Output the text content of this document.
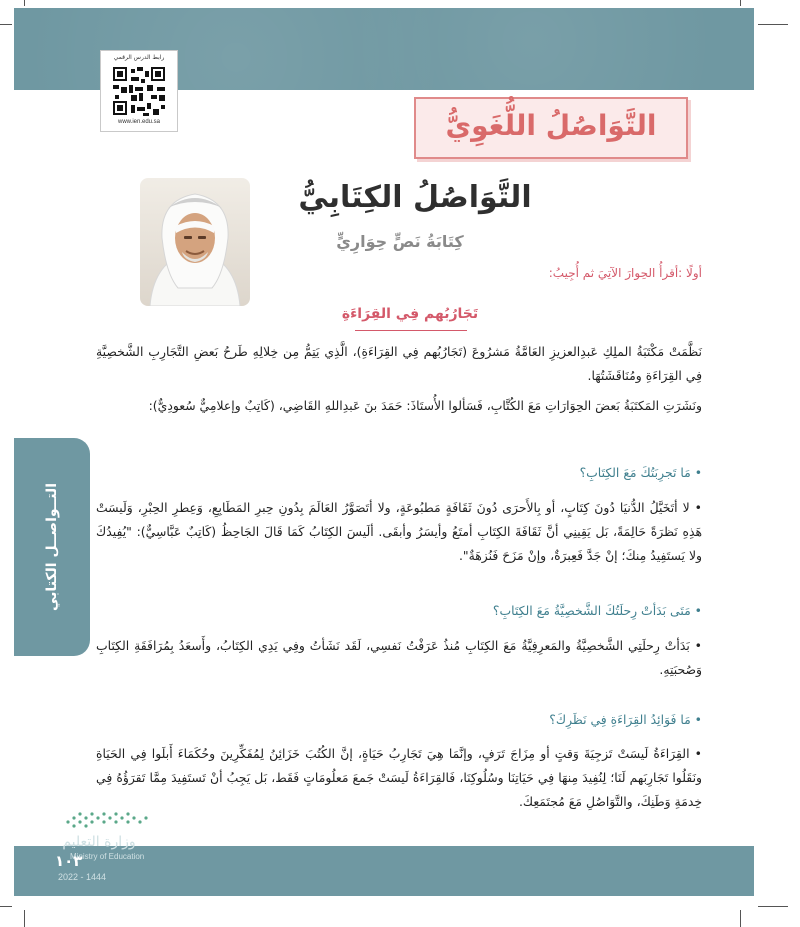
رابط الدرس الرقمي
www.ien.edu.sa	التَّوَاصُلُ اللُّغَوِيُّ
التَّوَاصُلُ الكِتَابِيُّ
كِتَابَةُ نَصٍّ حِوَارِيٍّ
أولًا :أقرأُ الحِوارَ الآتِيَ ثم أُجِيبُ:
تَجَارُبُهم فِي القِرَاءَةِ
نَظَّمَتْ مَكْتَبَةُ الملِكِ عَبدِالعزيزِ العَامَّةُ مَشرُوعَ (تَجَارُبُهم فِي القِرَاءَةِ)، الَّذِي يَتِمُّ مِن خِلالِهِ طَرحُ بَعضِ التَّجَارِبِ الشَّخصِيَّةِ فِي القِرَاءَةِ ومُنَاقَشَتُهَا.
ونَشَرَتِ المَكتَبَةُ بَعضَ الحِوَارَاتِ مَعَ الكُتَّابِ، فَسَألوا الأُستَاذَ: حَمَدَ بنَ عَبدِاللهِ القَاضِي، (كَاتِبٌ وإعلامِيٌّ سُعودِيٌّ):
• مَا تَجرِبَتُكَ مَعَ الكِتَابِ؟
• لا أتَخَيَّلُ الدُّنيَا دُونَ كِتَابٍ، أو بِالأَحرَى دُونَ ثَقَافَةٍ مَطبُوعَةٍ، ولا أتَصَوَّرُ العَالَمَ بِدُونِ حِبرِ المَطَابِعِ، وَعِطرِ الحِبْرِ، وَلَيسَتْ هَذِهِ نَظرَةً حَالِمَةً، بَل يَقِينِي أنَّ ثَقَافَةَ الكِتَابِ أمتَعُ وأيسَرُ وأبقَى. ألَيسَ الكِتَابُ كَمَا قَالَ الجَاحِظُ (كَاتِبٌ عَبَّاسِيٌّ): "يُفِيدُكَ ولا يَستَفِيدُ مِنكَ؛ إنْ جَدَّ فَعِبرَةٌ، وإنْ مَزَحَ فَنُزهَةٌ".
• مَتَى بَدَأتْ رِحلَتُكَ الشَّخصِيَّةُ مَعَ الكِتَابِ؟
• بَدَأتْ رِحلَتِي الشَّخصِيَّةُ والمَعرِفِيَّةُ مَعَ الكِتَابِ مُنذُ عَرَفْتُ نَفسِي، لَقَد نَشَأتُ وفِي يَدِي الكِتَابُ، وأَسعَدُ بِمُرَافَقَةِ الكِتَابِ وَصُحبَتِهِ.
• مَا فَوَائِدُ القِرَاءَةِ فِي نَظَرِكَ؟
• القِرَاءَةُ لَيسَتْ تَزجِيَةَ وَقتٍ أو مِزَاجَ تَرَفٍ، وإنَّمَا هِيَ تَجَارِبُ حَيَاةٍ، إنَّ الكُتُبَ خَزَائِنُ لِمُفَكِّرِينَ وحُكَمَاءَ أَبلَوا فِي الحَيَاةِ ونَقَلُوا تَجَارِبَهم لَنَا؛ لِنُفِيدَ مِنهَا فِي حَيَاتِنَا وسُلُوكِنَا، فَالقِرَاءَةُ لَيسَتْ جَمعَ مَعلُومَاتٍ فَقَط، بَل يَجِبُ أنْ تَستَفِيدَ مِمَّا تَقرَؤُهُ فِي خِدمَةِ وَطَنِكَ، والتَّوَاصُلِ مَعَ مُجتَمَعِكَ.
التــواصــل الكتابي
وزارة التعليم
Ministry of Education
١٠٣
2022 - 1444
